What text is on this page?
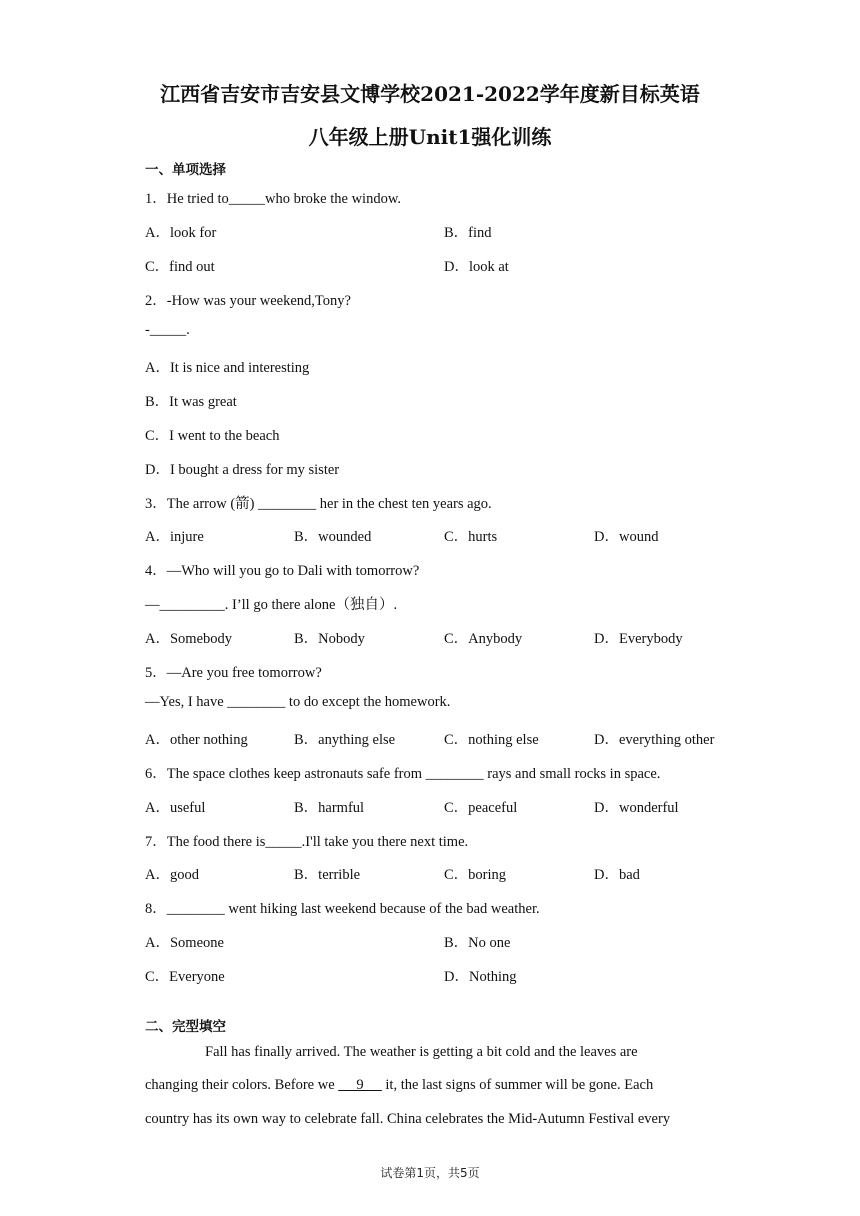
江西省吉安市吉安县文博学校2021-2022学年度新目标英语
八年级上册Unit1强化训练
一、单项选择
1．He tried to_____who broke the window.
A．look for	B．find
C．find out	D．look at
2．-How was your weekend,Tony?
-_____.
A．It is nice and interesting
B．It was great
C．I went to the beach
D．I bought a dress for my sister
3．The arrow (箭) ________ her in the chest ten years ago.
A．injure	B．wounded	C．hurts	D．wound
4．—Who will you go to Dali with tomorrow?
—_________. I’ll go there alone（独自）.
A．Somebody	B．Nobody	C．Anybody	D．Everybody
5．—Are you free tomorrow?
—Yes, I have ________ to do except the homework.
A．other nothing	B．anything else	C．nothing else	D．everything other
6．The space clothes keep astronauts safe from ________ rays and small rocks in space.
A．useful	B．harmful	C．peaceful	D．wonderful
7．The food there is_____.I'll take you there next time.
A．good	B．terrible	C．boring	D．bad
8．________ went hiking last weekend because of the bad weather.
A．Someone	B．No one
C．Everyone	D．Nothing
二、完型填空
Fall has finally arrived. The weather is getting a bit cold and the leaves are
changing their colors. Before we      9      it, the last signs of summer will be gone. Each
country has its own way to celebrate fall. China celebrates the Mid-Autumn Festival every
试卷第1页，共5页
